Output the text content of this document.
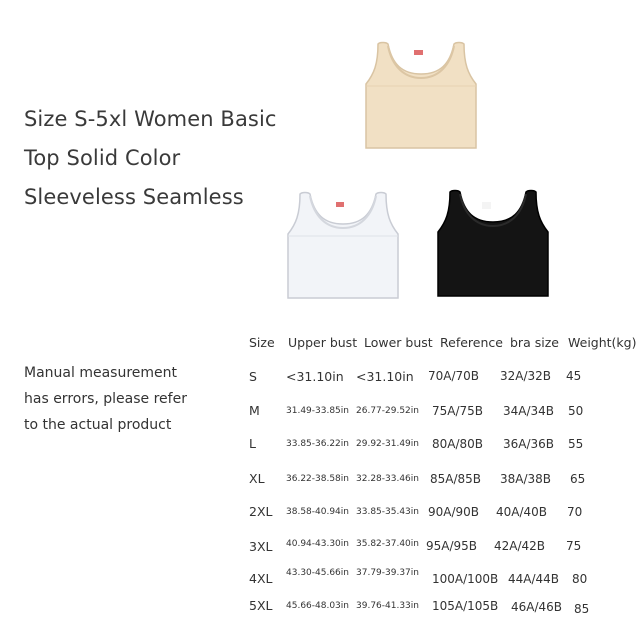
Size S-5xl Women Basic
Top Solid Color
Sleeveless Seamless
Manual measurement
has errors, please refer
to the actual product
Size Upper bust Lower bust Reference bra size Weight(kg)
S <31.10in <31.10in 70A/70B 32A/32B 45
M	31.49-33.85in 26.77-29.52in 75A/75B 34A/34B 50
L	33.85-36.22in 29.92-31.49in 80A/80B 36A/36B 55
XL 36.22-38.58in 32.28-33.46in 85A/85B 38A/38B 65
2XL 38.58-40.94in 33.85-35.43in 90A/90B 40A/40B 70
3XL 40.94-43.30in 35.82-37.40in 95A/95B 42A/42B 75
4XL 43.30-45.66in 37.79-39.37in 100A/100B 44A/44B 80
5XL 45.66-48.03in 39.76-41.33in 105A/105B 46A/46B 85
